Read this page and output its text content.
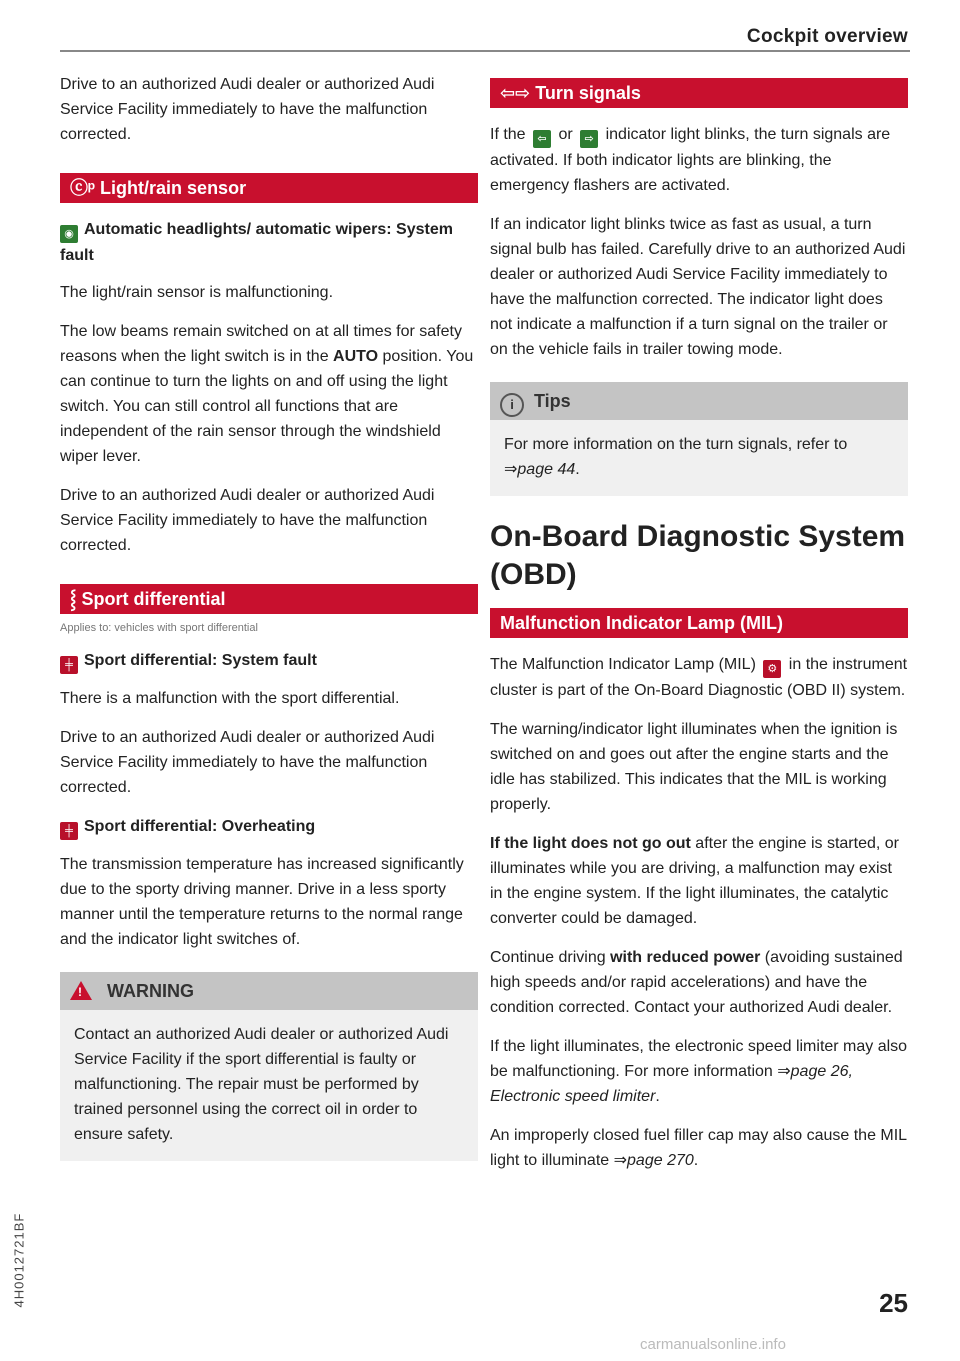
Cockpit overview

Drive to an authorized Audi dealer or authorized Audi Service Facility immediately to have the malfunction corrected.

ⓒᵖ Light/rain sensor
◉ Automatic headlights/ automatic wipers: System fault

The light/rain sensor is malfunctioning.

The low beams remain switched on at all times for safety reasons when the light switch is in the AUTO position. You can continue to turn the lights on and off using the light switch. You can still control all functions that are independent of the rain sensor through the windshield wiper lever.

Drive to an authorized Audi dealer or authorized Audi Service Facility immediately to have the malfunction corrected.

⸾ Sport differential
Applies to: vehicles with sport differential
╪ Sport differential: System fault

There is a malfunction with the sport differential.

Drive to an authorized Audi dealer or authorized Audi Service Facility immediately to have the malfunction corrected.

╪ Sport differential: Overheating

The transmission temperature has increased significantly due to the sporty driving manner. Drive in a less sporty manner until the temperature returns to the normal range and the indicator light switches of.

! WARNING

Contact an authorized Audi dealer or authorized Audi Service Facility if the sport differential is faulty or malfunctioning. The repair must be performed by trained personnel using the correct oil in order to ensure safety.

⇦⇨ Turn signals

If the ⇦ or ⇨ indicator light blinks, the turn signals are activated. If both indicator lights are blinking, the emergency flashers are activated.

If an indicator light blinks twice as fast as usual, a turn signal bulb has failed. Carefully drive to an authorized Audi dealer or authorized Audi Service Facility immediately to have the malfunction corrected. The indicator light does not indicate a malfunction if a turn signal on the trailer or on the vehicle fails in trailer towing mode.

i Tips

For more information on the turn signals, refer to ⇒page 44.

On-Board Diagnostic System (OBD)
Malfunction Indicator Lamp (MIL)

The Malfunction Indicator Lamp (MIL) ⚙ in the instrument cluster is part of the On-Board Diagnostic (OBD II) system.

The warning/indicator light illuminates when the ignition is switched on and goes out after the engine starts and the idle has stabilized. This indicates that the MIL is working properly.

If the light does not go out after the engine is started, or illuminates while you are driving, a malfunction may exist in the engine system. If the light illuminates, the catalytic converter could be damaged.

Continue driving with reduced power (avoiding sustained high speeds and/or rapid accelerations) and have the condition corrected. Contact your authorized Audi dealer.

If the light illuminates, the electronic speed limiter may also be malfunctioning. For more information ⇒page 26, Electronic speed limiter.

An improperly closed fuel filler cap may also cause the MIL light to illuminate ⇒page 270.

4H0012721BF	25
carmanualsonline.info
